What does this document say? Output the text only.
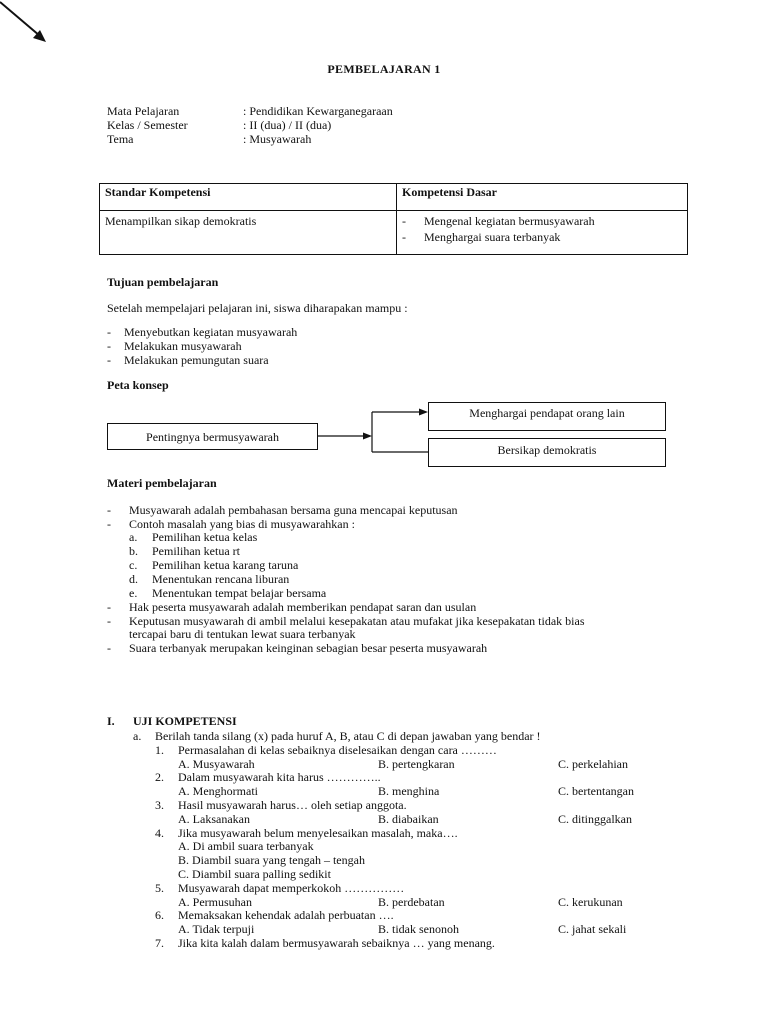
PEMBELAJARAN 1
Mata Pelajaran	: Pendidikan Kewarganegaraan
Kelas / Semester	: II (dua) / II (dua)
Tema	: Musyawarah
Standar Kompetensi	Kompetensi Dasar
Menampilkan sikap demokratis	- Mengenal kegiatan bermusyawarah
- Menghargai suara terbanyak
Tujuan pembelajaran
Setelah mempelajari pelajaran ini, siswa diharapakan mampu :
- Menyebutkan kegiatan musyawarah
- Melakukan musyawarah
- Melakukan pemungutan suara
Peta konsep
Pentingnya bermusyawarah
Menghargai pendapat orang lain
Bersikap demokratis
Materi pembelajaran
- Musyawarah adalah pembahasan bersama guna mencapai keputusan
- Contoh masalah yang bias di musyawarahkan :
a. Pemilihan ketua kelas
b. Pemilihan ketua rt
c. Pemilihan ketua karang taruna
d. Menentukan rencana liburan
e. Menentukan tempat belajar bersama
- Hak peserta musyawarah adalah memberikan pendapat saran dan usulan
- Keputusan musyawarah di ambil melalui kesepakatan atau mufakat jika kesepakatan tidak bias
tercapai baru di tentukan lewat suara terbanyak
- Suara terbanyak merupakan keinginan sebagian besar peserta musyawarah
I. UJI KOMPETENSI
a. Berilah tanda silang (x) pada huruf A, B, atau C di depan jawaban yang bendar !
1. Permasalahan di kelas sebaiknya diselesaikan dengan cara ………
A. Musyawarah	B. pertengkaran	C. perkelahian
2. Dalam musyawarah kita harus …………..
A. Menghormati	B. menghina	C. bertentangan
3. Hasil musyawarah harus… oleh setiap anggota.
A. Laksanakan	B. diabaikan	C. ditinggalkan
4. Jika musyawarah belum menyelesaikan masalah, maka….
A. Di ambil suara terbanyak
B. Diambil suara yang tengah – tengah
C. Diambil suara palling sedikit
5. Musyawarah dapat memperkokoh ……………
A. Permusuhan	B. perdebatan	C. kerukunan
6. Memaksakan kehendak adalah perbuatan ….
A. Tidak terpuji	B. tidak senonoh	C. jahat sekali
7. Jika kita kalah dalam bermusyawarah sebaiknya … yang menang.
